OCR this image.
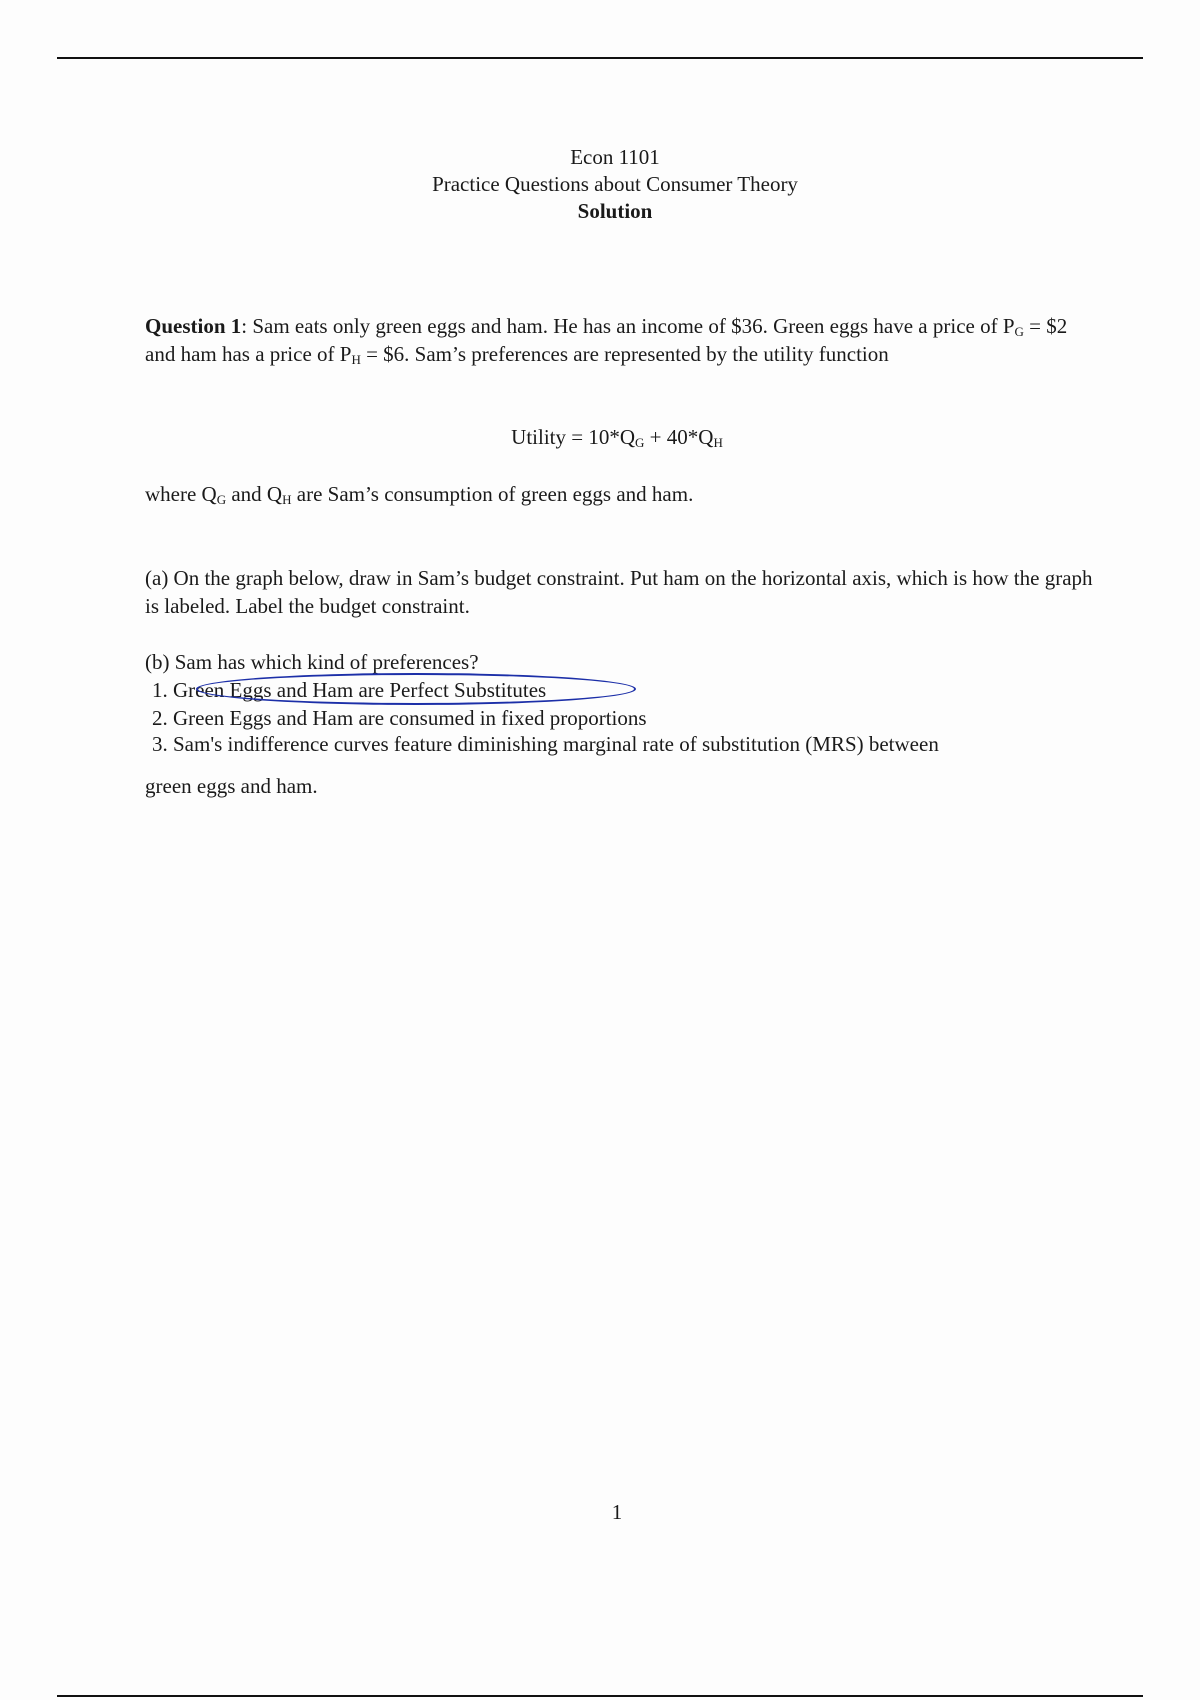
Econ 1101
Practice Questions about Consumer Theory
Solution
Question 1: Sam eats only green eggs and ham. He has an income of $36. Green eggs have a price of $P_G$ = $2 and ham has a price of $P_H$ = $6. Sam’s preferences are represented by the utility function
Utility = $10*Q_G + 40*Q_H$
where $Q_G$ and $Q_H$ are Sam’s consumption of green eggs and ham.
(a) On the graph below, draw in Sam’s budget constraint. Put ham on the horizontal axis, which is how the graph is labeled. Label the budget constraint.
(b) Sam has which kind of preferences?
1. Green Eggs and Ham are Perfect Substitutes
2. Green Eggs and Ham are consumed in fixed proportions
3. Sam's indifference curves feature diminishing marginal rate of substitution (MRS) between
green eggs and ham.
1
